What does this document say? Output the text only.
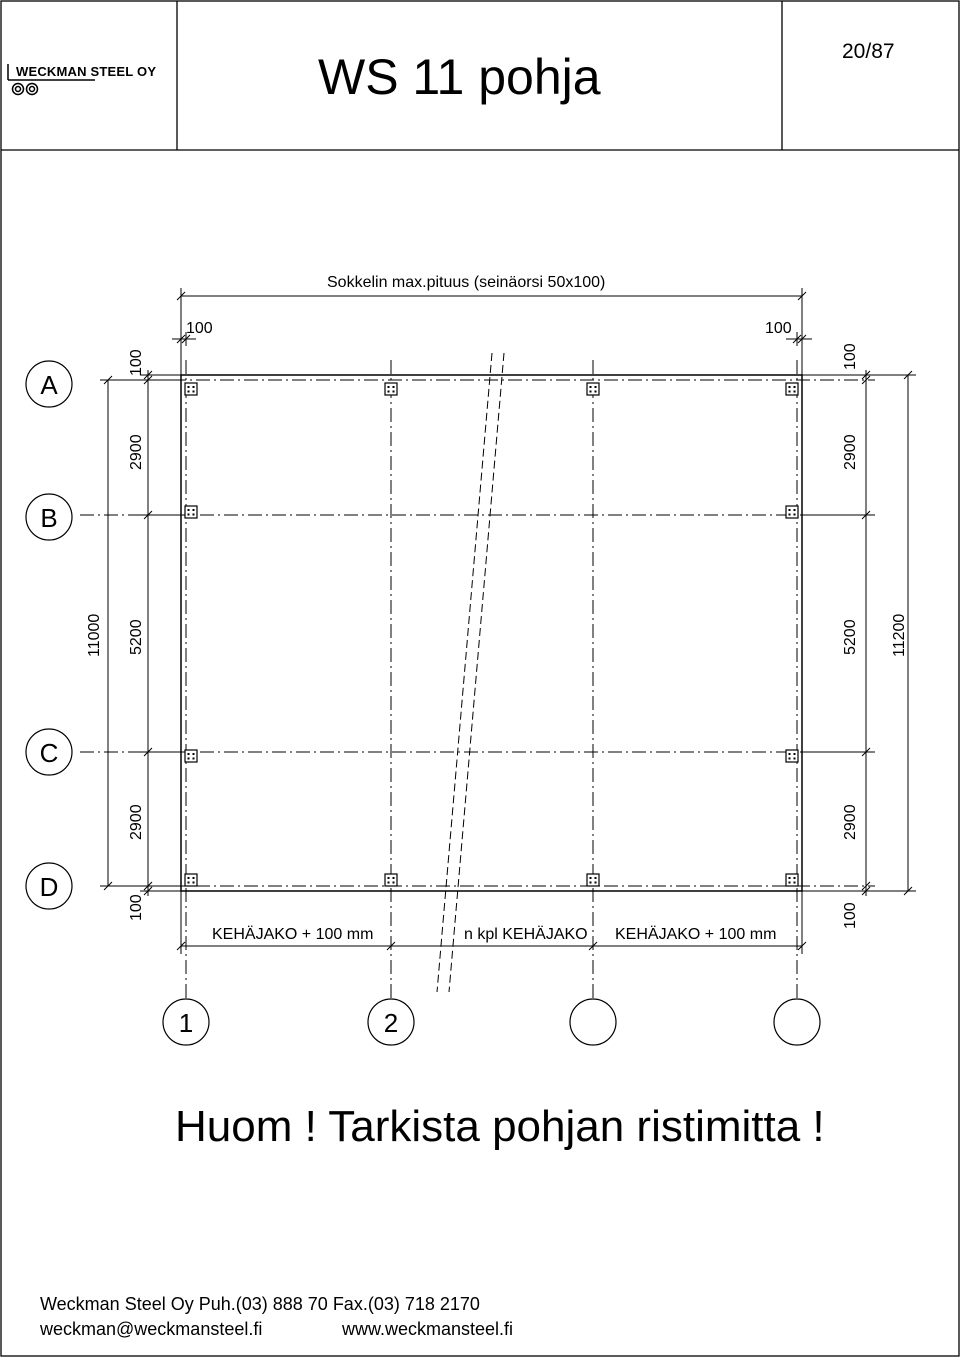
A
B
C
D
1	2
WECKMAN STEEL OY	WS 11 pohja	20/87
Sokkelin max.pituus (seinäorsi 50x100)
100	100
100
2900
5200
2900
100
11000
100
2900
5200
2900
100
11200
KEHÄJAKO + 100 mm	n kpl KEHÄJAKO KEHÄJAKO + 100 mm
Huom ! Tarkista pohjan ristimitta !
Weckman Steel Oy Puh.(03) 888 70 Fax.(03) 718 2170
weckman@weckmansteel.fi	www.weckmansteel.fi
